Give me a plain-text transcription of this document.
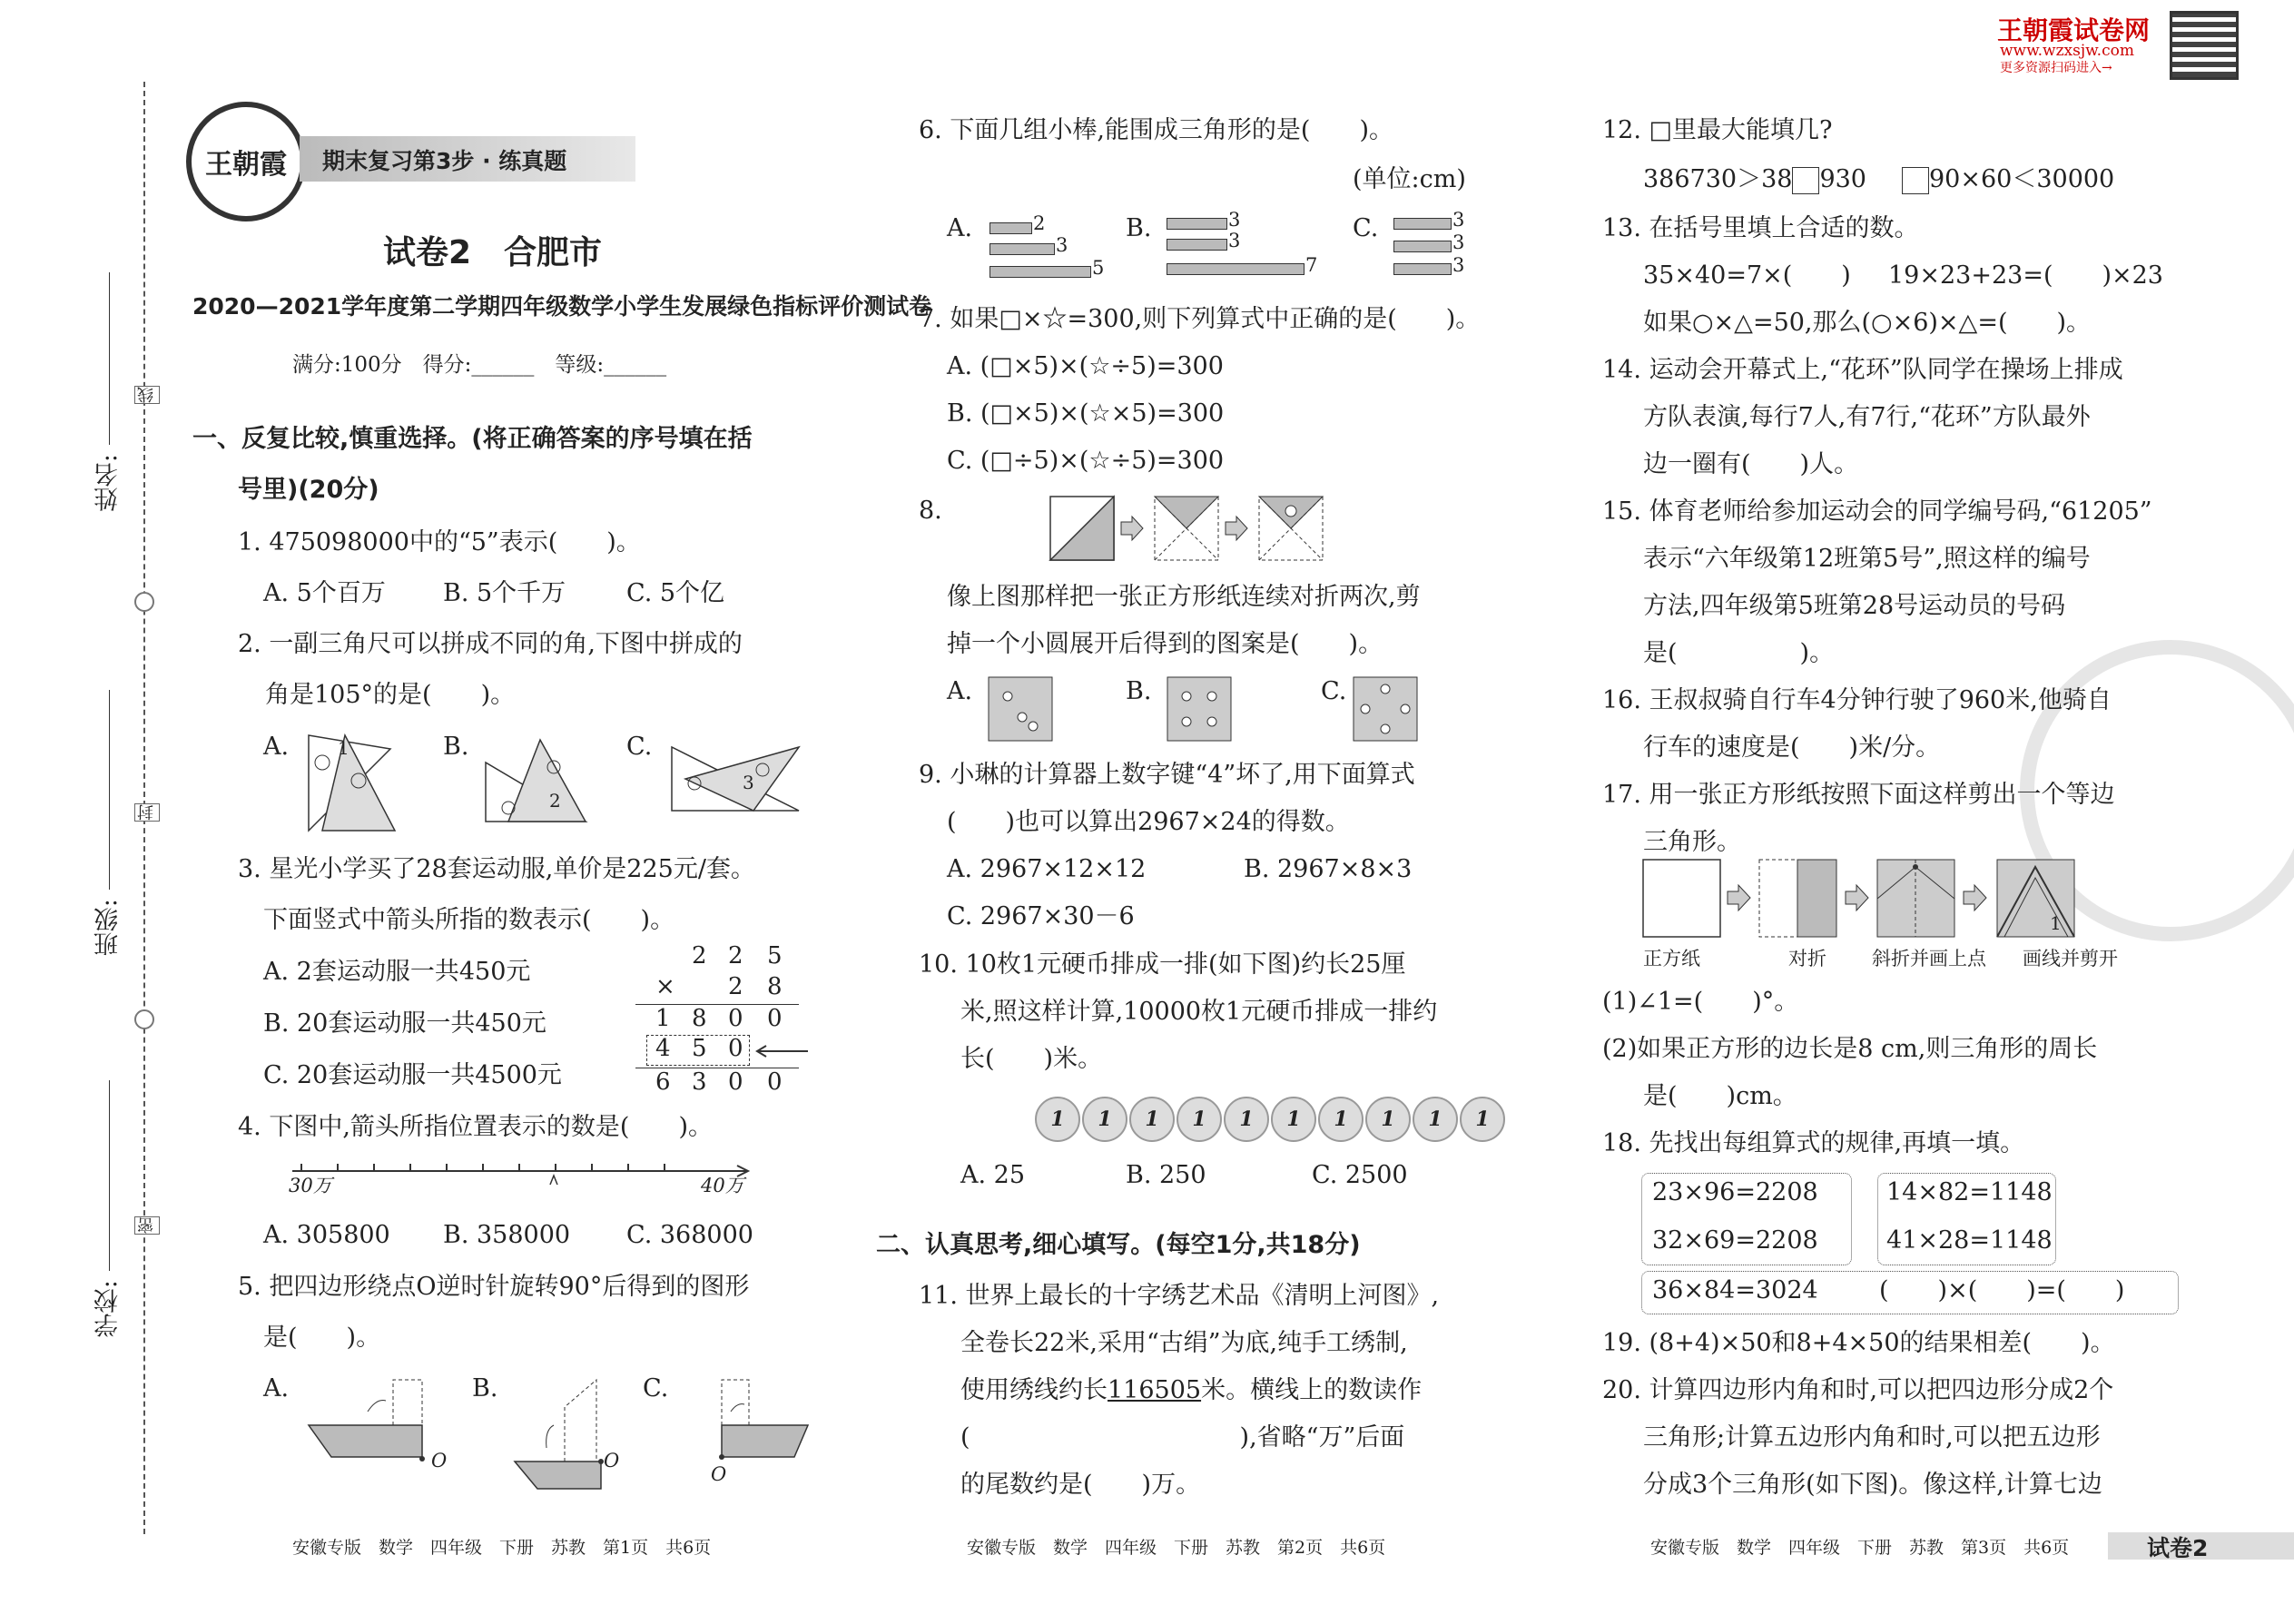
姓名:
班级:
学校:
线
封
密
王朝霞 期末复习第3步 · 练真题
试卷2　合肥市
2020—2021学年度第二学期四年级数学小学生发展绿色指标评价测试卷
满分:100分　得分:______　等级:______
王朝霞试卷网
www.wzxsjw.com
更多资源扫码进入→
一、反复比较,慎重选择。(将正确答案的序号填在括
号里)(20分)
1. 475098000中的“5”表示(　　)。
A. 5个百万 B. 5个千万 C. 5个亿
2. 一副三角尺可以拼成不同的角,下图中拼成的
角是105°的是(　　)。
A.	B.	C.
1
2
3
3. 星光小学买了28套运动服,单价是225元/套。
下面竖式中箭头所指的数表示(　　)。
A. 2套运动服一共450元
B. 20套运动服一共450元
C. 20套运动服一共4500元
2 2 5
× 2 8
1 8 0 0
4 5 0
6 3 0 0
4. 下图中,箭头所指位置表示的数是(　　)。
30万	40万
A. 305800 B. 358000 C. 368000
5. 把四边形绕点O逆时针旋转90°后得到的图形
是(　　)。
A.	B.	C.
O	O
O
安徽专版　数学　四年级　下册　苏教　第1页　共6页
6. 下面几组小棒,能围成三角形的是(　　)。
(单位:cm)
A.	B.	C.
2
3
5
3
3
7
3
3
3
7. 如果□×☆=300,则下列算式中正确的是(　　)。
A. (□×5)×(☆÷5)=300
B. (□×5)×(☆×5)=300
C. (□÷5)×(☆÷5)=300
8.
像上图那样把一张正方形纸连续对折两次,剪
掉一个小圆展开后得到的图案是(　　)。
A.	B.	C.
9. 小琳的计算器上数字键“4”坏了,用下面算式
(　　)也可以算出2967×24的得数。
A. 2967×12×12	B. 2967×8×3
C. 2967×30－6
10. 10枚1元硬币排成一排(如下图)约长25厘
米,照这样计算,10000枚1元硬币排成一排约
长(　　)米。
1	1	1	1	1	1	1	1	1	1
A. 25	B. 250	C. 2500
二、认真思考,细心填写。(每空1分,共18分)
11. 世界上最长的十字绣艺术品《清明上河图》,
全卷长22米,采用“古绢”为底,纯手工绣制,
使用绣线约长116505米。横线上的数读作
(　　　　　　　　　　　),省略“万”后面
的尾数约是(　　)万。
安徽专版　数学　四年级　下册　苏教　第2页　共6页
12. □里最大能填几?
386730＞38 930	90×60＜30000
13. 在括号里填上合适的数。
35×40=7×(　　) 19×23+23=(　　)×23
如果○×△=50,那么(○×6)×△=(　　)。
14. 运动会开幕式上,“花环”队同学在操场上排成
方队表演,每行7人,有7行,“花环”方队最外
边一圈有(　　)人。
15. 体育老师给参加运动会的同学编号码,“61205”
表示“六年级第12班第5号”,照这样的编号
方法,四年级第5班第28号运动员的号码
是(　　　　　)。
16. 王叔叔骑自行车4分钟行驶了960米,他骑自
行车的速度是(　　)米/分。
17. 用一张正方形纸按照下面这样剪出一个等边
三角形。
1
正方纸	对折 斜折并画上点 画线并剪开
(1)∠1=(　　)°。
(2)如果正方形的边长是8 cm,则三角形的周长
是(　　)cm。
18. 先找出每组算式的规律,再填一填。
23×96=2208
32×69=2208
14×82=1148
41×28=1148
36×84=3024 (　　)×(　　)=(　　)
19. (8+4)×50和8+4×50的结果相差(　　)。
20. 计算四边形内角和时,可以把四边形分成2个
三角形;计算五边形内角和时,可以把五边形
分成3个三角形(如下图)。像这样,计算七边
安徽专版　数学　四年级　下册　苏教　第3页　共6页	试卷2
